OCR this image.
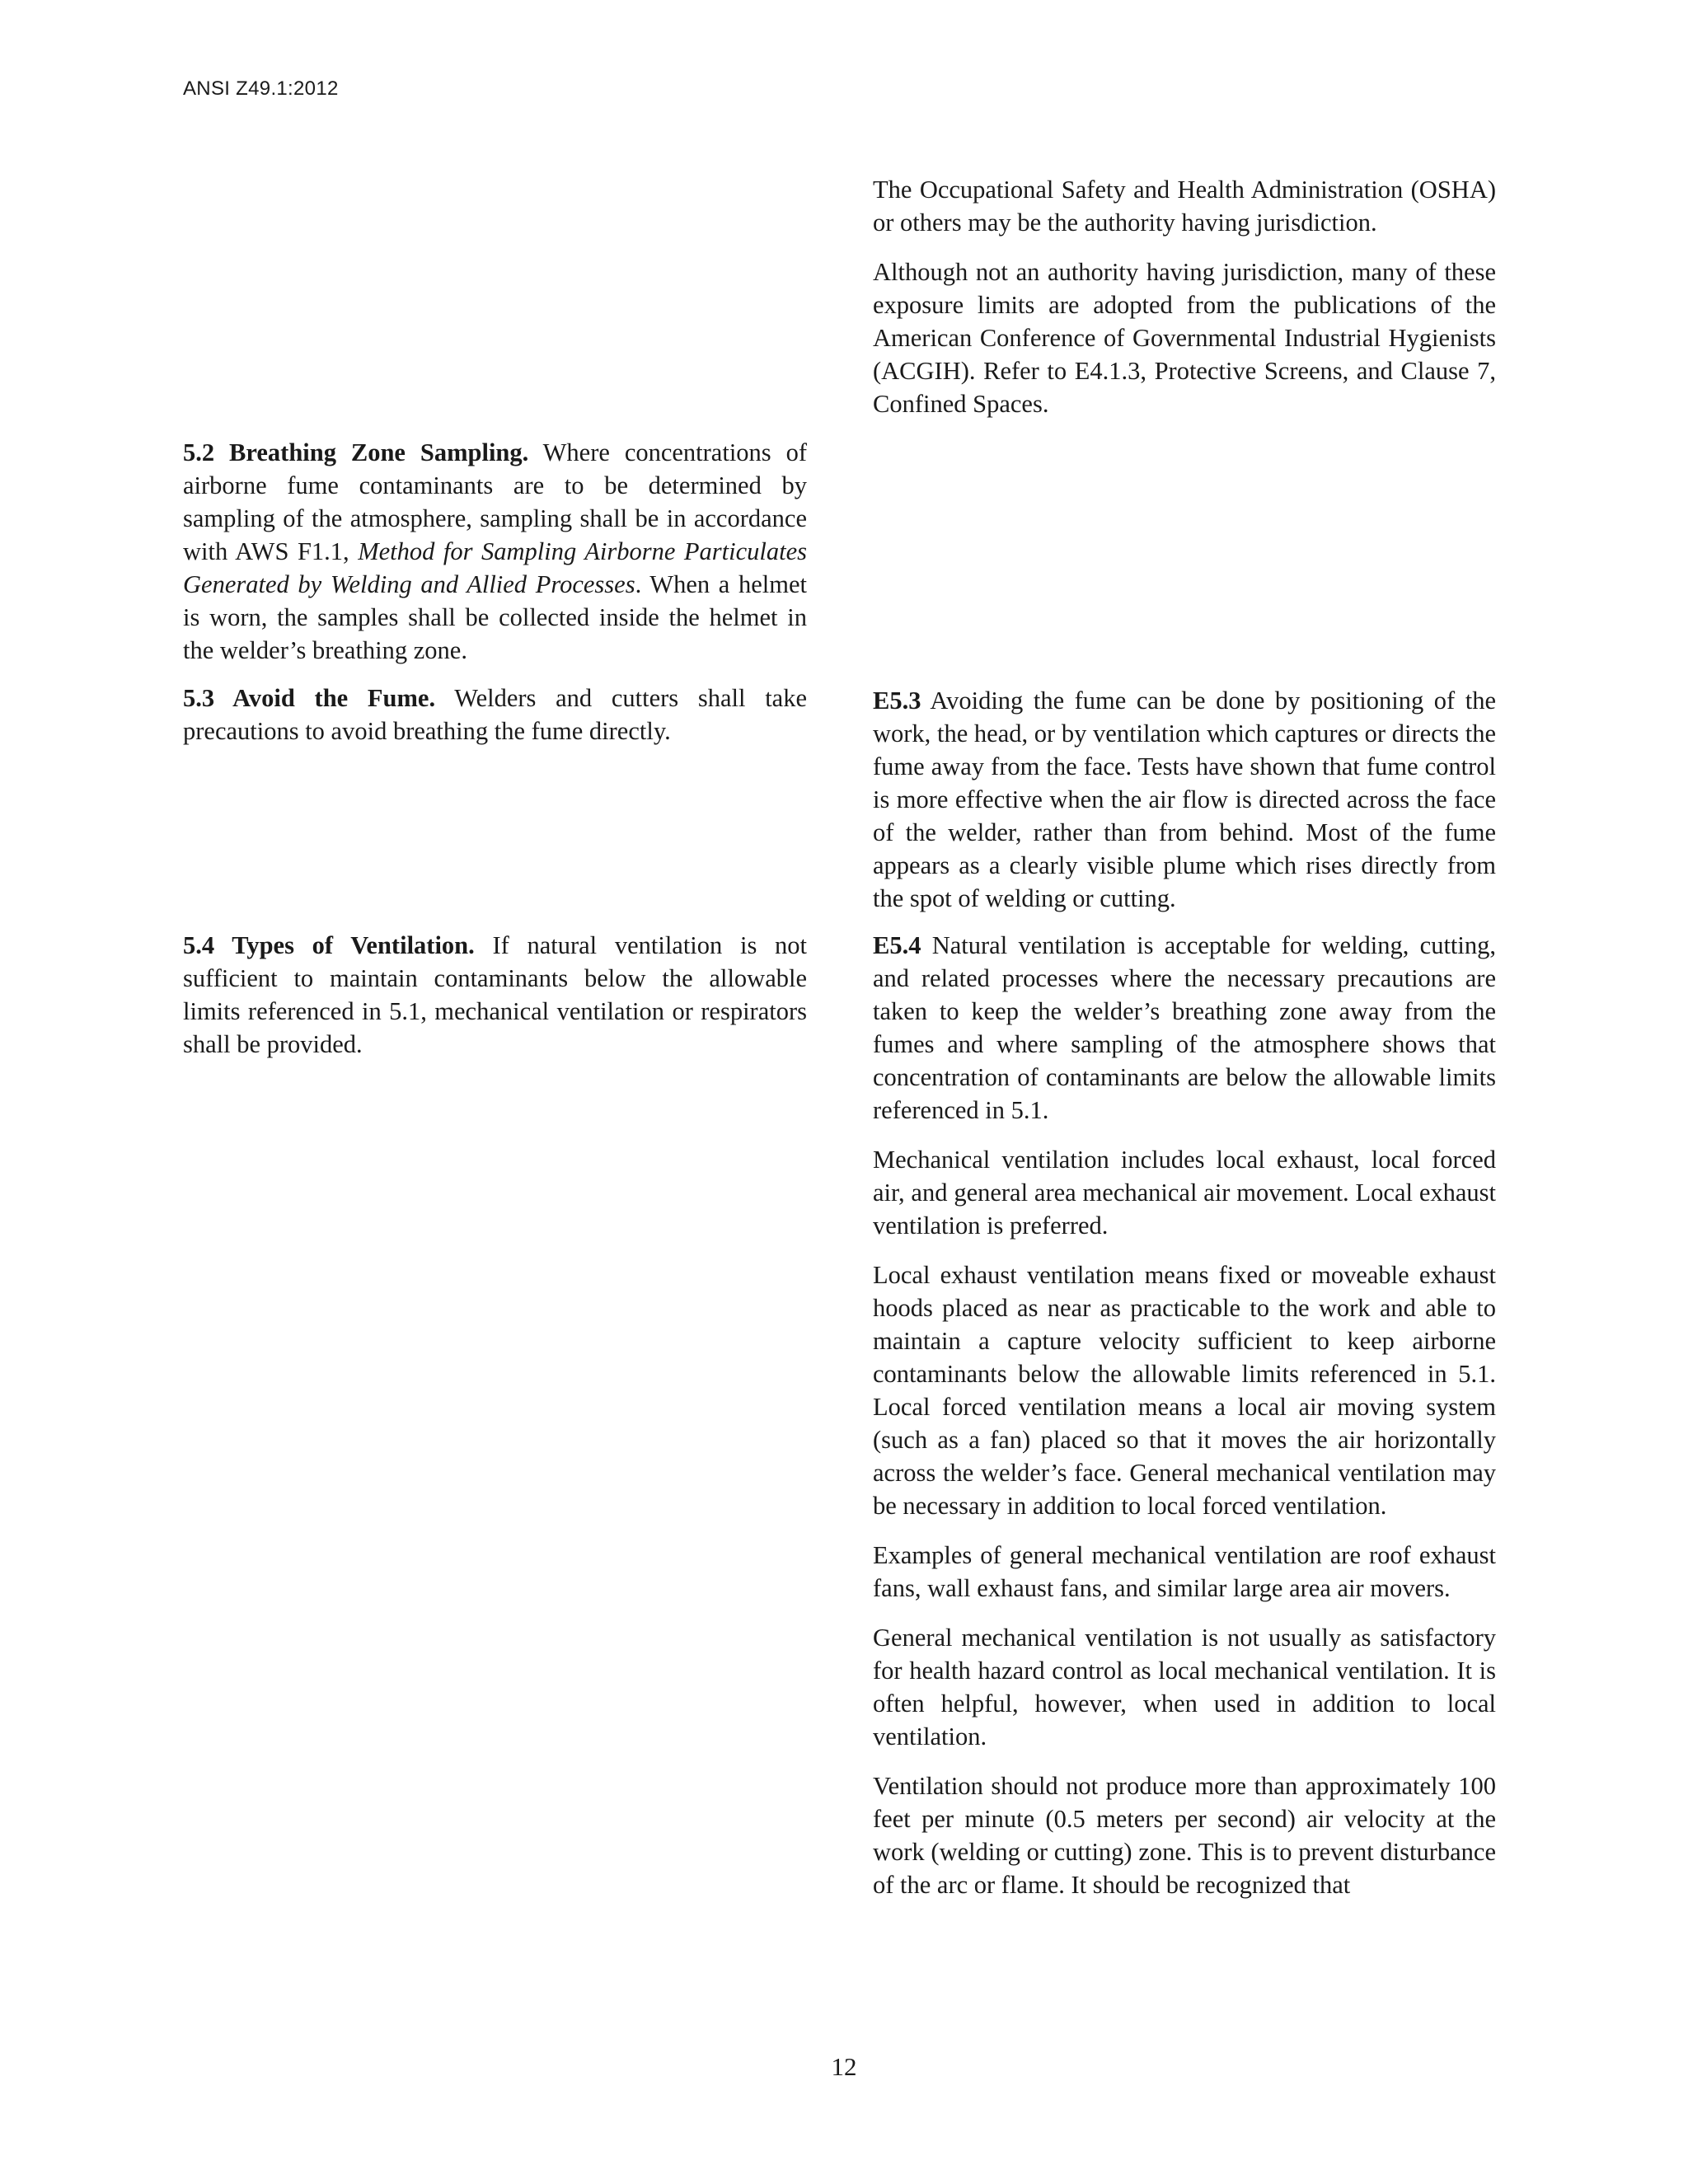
ANSI Z49.1:2012

The Occupational Safety and Health Administration (OSHA) or others may be the authority having jurisdiction.

Although not an authority having jurisdiction, many of these exposure limits are adopted from the publications of the American Conference of Governmental Industrial Hygienists (ACGIH). Refer to E4.1.3, Protective Screens, and Clause 7, Confined Spaces.

5.2 Breathing Zone Sampling. Where concentrations of airborne fume contaminants are to be determined by sampling of the atmosphere, sampling shall be in accordance with AWS F1.1, Method for Sampling Airborne Particulates Generated by Welding and Allied Processes. When a helmet is worn, the samples shall be collected inside the helmet in the welder’s breathing zone.

5.3 Avoid the Fume. Welders and cutters shall take precautions to avoid breathing the fume directly.

E5.3 Avoiding the fume can be done by positioning of the work, the head, or by ventilation which captures or directs the fume away from the face. Tests have shown that fume control is more effective when the air flow is directed across the face of the welder, rather than from behind. Most of the fume appears as a clearly visible plume which rises directly from the spot of welding or cutting.

5.4 Types of Ventilation. If natural ventilation is not sufficient to maintain contaminants below the allowable limits referenced in 5.1, mechanical ventilation or respirators shall be provided.

E5.4 Natural ventilation is acceptable for welding, cutting, and related processes where the necessary precautions are taken to keep the welder’s breathing zone away from the fumes and where sampling of the atmosphere shows that concentration of contaminants are below the allowable limits referenced in 5.1.

Mechanical ventilation includes local exhaust, local forced air, and general area mechanical air movement. Local exhaust ventilation is preferred.

Local exhaust ventilation means fixed or moveable exhaust hoods placed as near as practicable to the work and able to maintain a capture velocity sufficient to keep airborne contaminants below the allowable limits referenced in 5.1. Local forced ventilation means a local air moving system (such as a fan) placed so that it moves the air horizontally across the welder’s face. General mechanical ventilation may be necessary in addition to local forced ventilation.

Examples of general mechanical ventilation are roof exhaust fans, wall exhaust fans, and similar large area air movers.

General mechanical ventilation is not usually as satisfactory for health hazard control as local mechanical ventilation. It is often helpful, however, when used in addition to local ventilation.

Ventilation should not produce more than approximately 100 feet per minute (0.5 meters per second) air velocity at the work (welding or cutting) zone. This is to prevent disturbance of the arc or flame. It should be recognized that

12
